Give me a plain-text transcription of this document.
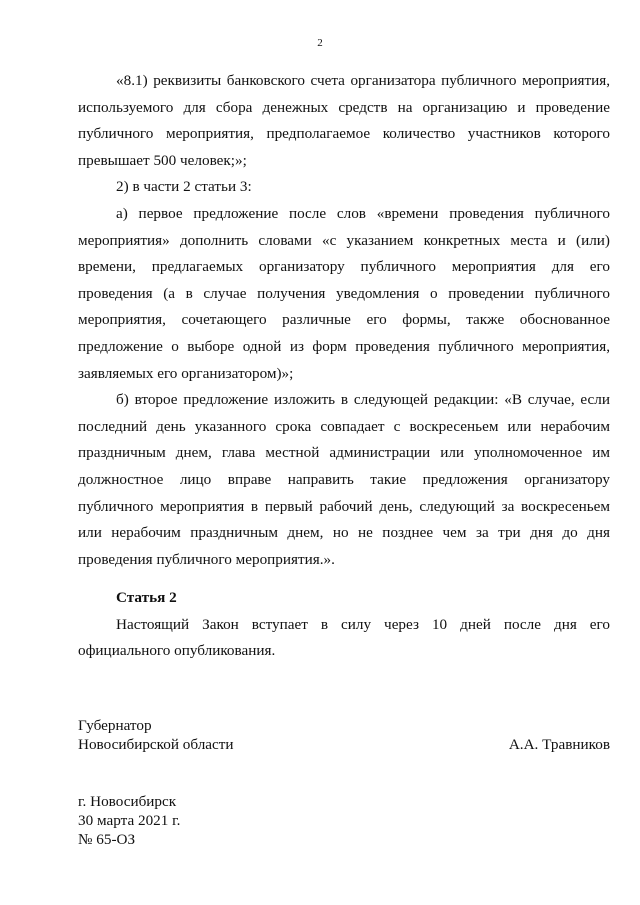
2

«8.1) реквизиты банковского счета организатора публичного мероприятия, используемого для сбора денежных средств на организацию и проведение публичного мероприятия, предполагаемое количество участников которого превышает 500 человек;»;

2) в части 2 статьи 3:

а) первое предложение после слов «времени проведения публичного мероприятия» дополнить словами «с указанием конкретных места и (или) времени, предлагаемых организатору публичного мероприятия для его проведения (а в случае получения уведомления о проведении публичного мероприятия, сочетающего различные его формы, также обоснованное предложение о выборе одной из форм проведения публичного мероприятия, заявляемых его организатором)»;

б) второе предложение изложить в следующей редакции: «В случае, если последний день указанного срока совпадает с воскресеньем или нерабочим праздничным днем, глава местной администрации или уполномоченное им должностное лицо вправе направить такие предложения организатору публичного мероприятия в первый рабочий день, следующий за воскресеньем или нерабочим праздничным днем, но не позднее чем за три дня до дня проведения публичного мероприятия.».

Статья 2

Настоящий Закон вступает в силу через 10 дней после дня его официального опубликования.

Губернатор
Новосибирской области	А.А. Травников
г. Новосибирск
30 марта 2021 г.
№ 65-ОЗ
